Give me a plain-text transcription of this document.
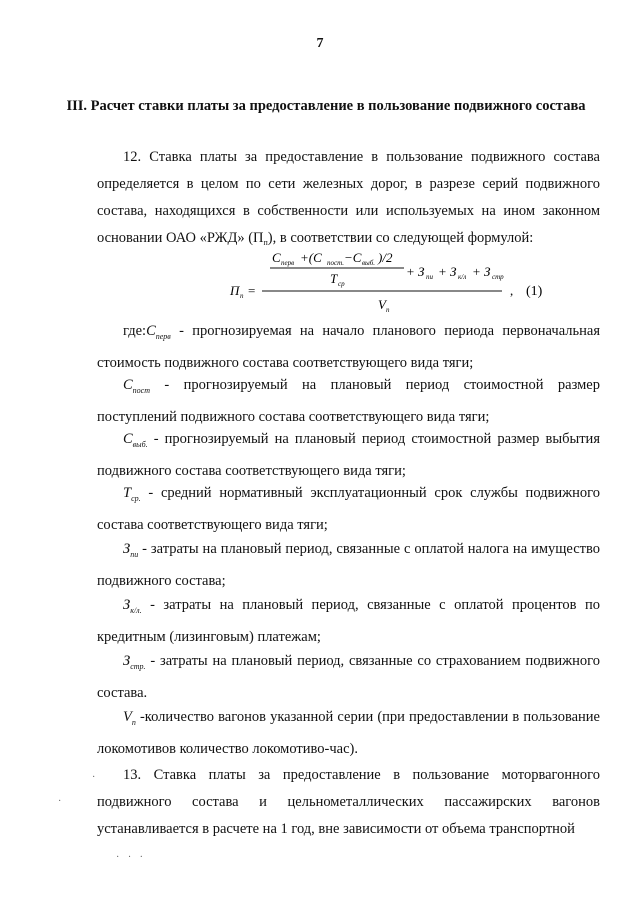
7
III. Расчет ставки платы за предоставление в пользование подвижного состава
12. Ставка платы за предоставление в пользование подвижного состава определяется в целом по сети железных дорог, в разрезе серий подвижного состава, находящихся в собственности или используемых на ином законном основании ОАО «РЖД» $(П_п)$, в соответствии со следующей формулой:
C перв +(C пост. −C выб. )/2
T ср
+ З пи + З к/л + З стр
П п =
V п
, (1)
$где:C_{перв}$ - прогнозируемая на начало планового периода первоначальная стоимость подвижного состава соответствующего вида тяги;
$C_{пост}$ - прогнозируемый на плановый период стоимостной размер поступлений подвижного состава соответствующего вида тяги;
$C_{выб.}$ - прогнозируемый на плановый период стоимостной размер выбытия подвижного состава соответствующего вида тяги;
$T_{ср.}$ - средний нормативный эксплуатационный срок службы подвижного состава соответствующего вида тяги;
$З_{пи}$ - затраты на плановый период, связанные с оплатой налога на имущество подвижного состава;
$З_{к/л.}$ - затраты на плановый период, связанные с оплатой процентов по кредитным (лизинговым) платежам;
$З_{стр.}$ - затраты на плановый период, связанные со страхованием подвижного состава.
$V_п$ -количество вагонов указанной серии (при предоставлении в пользование локомотивов количество локомотиво-час).
13. Ставка платы за предоставление в пользование моторвагонного подвижного состава и цельнометаллических пассажирских вагонов устанавливается в расчете на 1 год, вне зависимости от объема транспортной
·
·
· · ·
